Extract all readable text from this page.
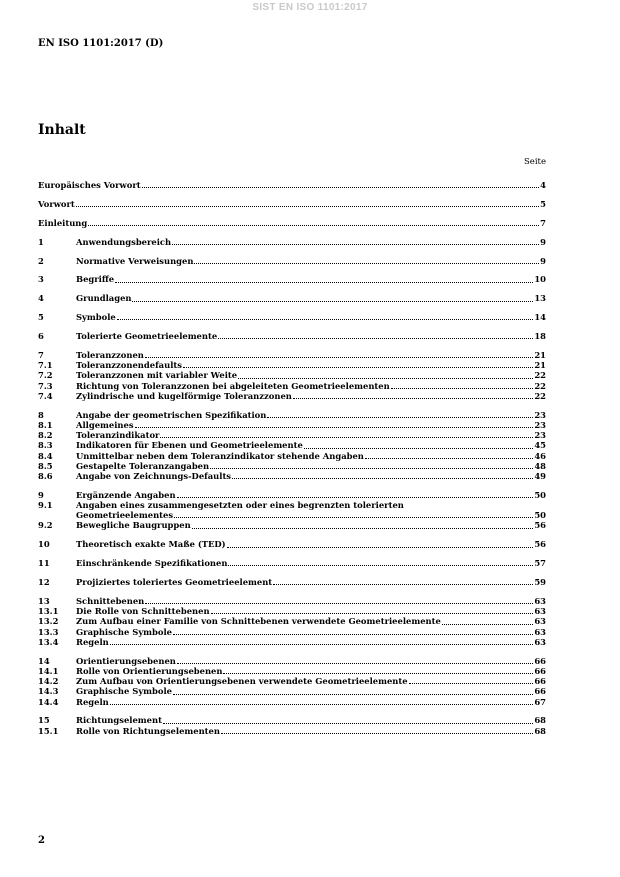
SIST EN ISO 1101:2017
EN ISO 1101:2017 (D)
Inhalt
Seite
Europäisches Vorwort	4
Vorwort	5
Einleitung	7
1	Anwendungsbereich	9
2	Normative Verweisungen	9
3	Begriffe	10
4	Grundlagen	13
5	Symbole	14
6	Tolerierte Geometrieelemente	18
7	Toleranzzonen	21
7.1	Toleranzzonendefaults	21
7.2	Toleranzzonen mit variabler Weite	22
7.3	Richtung von Toleranzzonen bei abgeleiteten Geometrieelementen	22
7.4	Zylindrische und kugelförmige Toleranzzonen	22
8	Angabe der geometrischen Spezifikation	23
8.1	Allgemeines	23
8.2	Toleranzindikator	23
8.3	Indikatoren für Ebenen und Geometrieelemente	45
8.4	Unmittelbar neben dem Toleranzindikator stehende Angaben	46
8.5	Gestapelte Toleranzangaben	48
8.6	Angabe von Zeichnungs-Defaults	49
9	Ergänzende Angaben	50
9.1	Angaben eines zusammengesetzten oder eines begrenzten tolerierten
Geometrieelementes	50
9.2	Bewegliche Baugruppen	56
10	Theoretisch exakte Maße (TED)	56
11	Einschränkende Spezifikationen	57
12	Projiziertes toleriertes Geometrieelement	59
13	Schnittebenen	63
13.1	Die Rolle von Schnittebenen	63
13.2	Zum Aufbau einer Familie von Schnittebenen verwendete Geometrieelemente	63
13.3	Graphische Symbole	63
13.4	Regeln	63
14	Orientierungsebenen	66
14.1	Rolle von Orientierungsebenen	66
14.2	Zum Aufbau von Orientierungsebenen verwendete Geometrieelemente	66
14.3	Graphische Symbole	66
14.4	Regeln	67
15	Richtungselement	68
15.1	Rolle von Richtungselementen	68
2
